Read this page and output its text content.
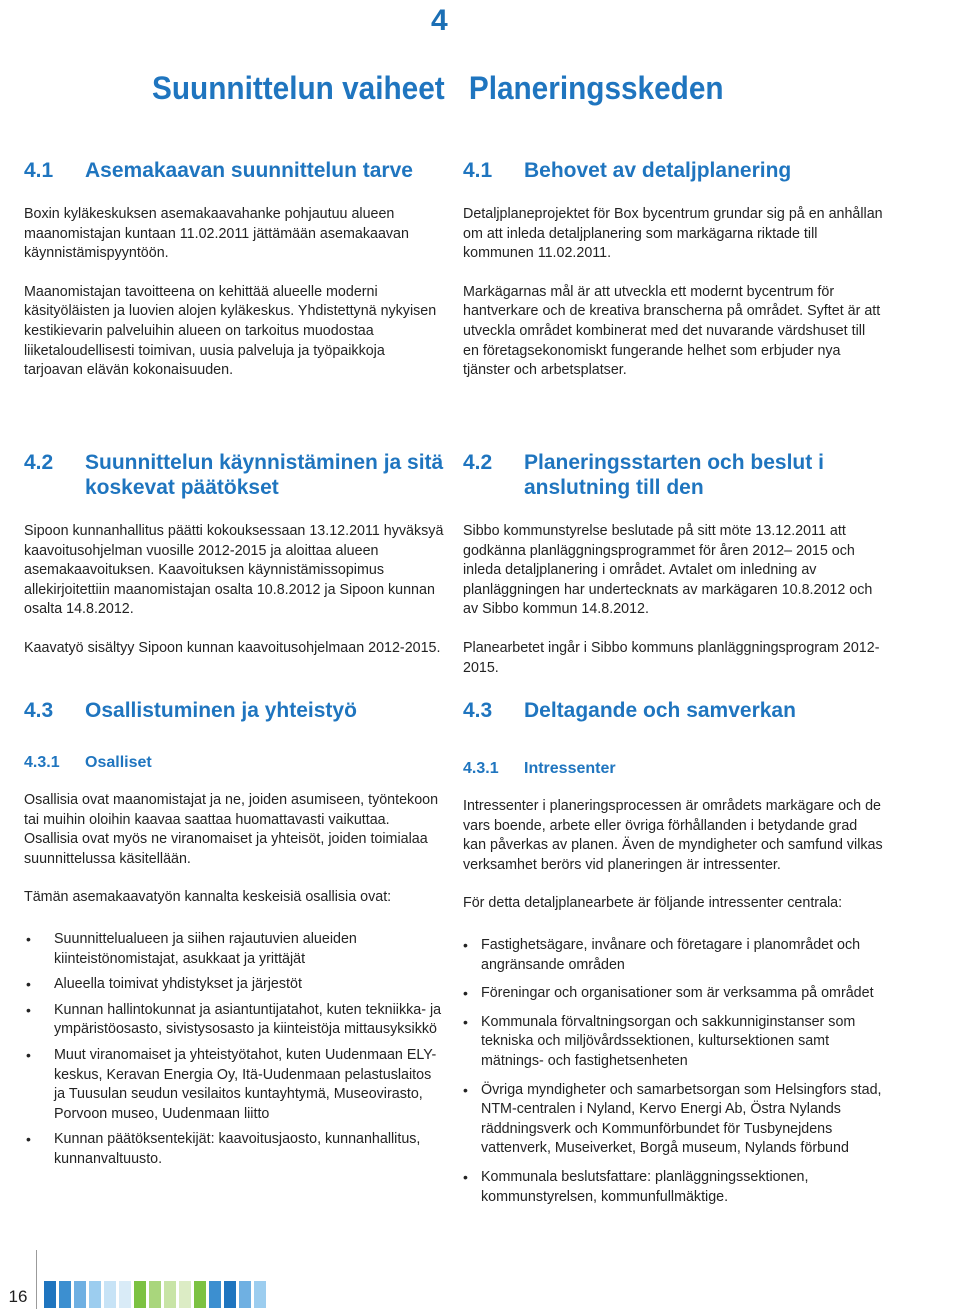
4
Suunnittelun vaiheet Planeringsskeden
4.1	Asemakaavan suunnittelun tarve

Boxin kyläkeskuksen asemakaavahanke pohjautuu alueen maanomistajan kuntaan 11.02.2011 jättämään asemakaavan käynnistämispyyntöön.

Maanomistajan tavoitteena on kehittää alueelle moderni käsityöläisten ja luovien alojen kyläkeskus. Yhdistettynä nykyisen kestikievarin palveluihin alueen on tarkoitus muodostaa liiketaloudellisesti toimivan, uusia palveluja ja työpaikkoja tarjoavan elävän kokonaisuuden.

4.2	Suunnittelun käynnistäminen ja sitä koskevat päätökset

Sipoon kunnanhallitus päätti kokouksessaan 13.12.2011 hyväksyä kaavoitusohjelman vuosille 2012-2015 ja aloittaa alueen asemakaavoituksen. Kaavoituksen käynnistämissopimus allekirjoitettiin maanomistajan osalta 10.8.2012 ja Sipoon kunnan osalta 14.8.2012.

Kaavatyö sisältyy Sipoon kunnan kaavoitusohjelmaan 2012-2015.

4.3	Osallistuminen ja yhteistyö
4.3.1	Osalliset

Osallisia ovat maanomistajat ja ne, joiden asumiseen, työntekoon tai muihin oloihin kaavaa saattaa huomattavasti vaikuttaa. Osallisia ovat myös ne viranomaiset ja yhteisöt, joiden toimialaa suunnittelussa käsitellään.

Tämän asemakaavatyön kannalta keskeisiä osallisia ovat:

• Suunnittelualueen ja siihen rajautuvien alueiden kiinteistönomistajat, asukkaat ja yrittäjät
• Alueella toimivat yhdistykset ja järjestöt
• Kunnan hallintokunnat ja asiantuntijatahot, kuten tekniikka- ja ympäristöosasto, sivistysosasto ja kiinteistöja mittausyksikkö
• Muut viranomaiset ja yhteistyötahot, kuten Uudenmaan ELY-keskus, Keravan Energia Oy, Itä-Uudenmaan pelastuslaitos ja Tuusulan seudun vesilaitos kuntayhtymä, Museovirasto, Porvoon museo, Uudenmaan liitto
• Kunnan päätöksentekijät: kaavoitusjaosto, kunnanhallitus, kunnanvaltuusto.
4.1	Behovet av detaljplanering

Detaljplaneprojektet för Box bycentrum grundar sig på en anhållan om att inleda detaljplanering som markägarna riktade till kommunen 11.02.2011.

Markägarnas mål är att utveckla ett modernt bycentrum för hantverkare och de kreativa branscherna på området. Syftet är att utveckla området kombinerat med det nuvarande värdshuset till en företagsekonomiskt fungerande helhet som erbjuder nya tjänster och arbetsplatser.

4.2	Planeringsstarten och beslut i anslutning till den

Sibbo kommunstyrelse beslutade på sitt möte 13.12.2011 att godkänna planläggningsprogrammet för åren 2012– 2015 och inleda detaljplanering i området. Avtalet om inledning av planläggningen har undertecknats av markägaren 10.8.2012 och av Sibbo kommun 14.8.2012.

Planearbetet ingår i Sibbo kommuns planläggningsprogram 2012-2015.

4.3	Deltagande och samverkan
4.3.1	Intressenter

Intressenter i planeringsprocessen är områdets markägare och de vars boende, arbete eller övriga förhållanden i betydande grad kan påverkas av planen. Även de myndigheter och samfund vilkas verksamhet berörs vid planeringen är intressenter.

För detta detaljplanearbete är följande intressenter centrala:

• Fastighetsägare, invånare och företagare i planområdet och angränsande områden
• Föreningar och organisationer som är verksamma på området
• Kommunala förvaltningsorgan och sakkunniginstanser som tekniska och miljövårdssektionen, kultursektionen samt mätnings- och fastighetsenheten
• Övriga myndigheter och samarbetsorgan som Helsingfors stad, NTM-centralen i Nyland, Kervo Energi Ab, Östra Nylands räddningsverk och Kommunförbundet för Tusbynejdens vattenverk, Museiverket, Borgå museum, Nylands förbund
• Kommunala beslutsfattare: planläggningssektionen, kommunstyrelsen, kommunfullmäktige.
16
